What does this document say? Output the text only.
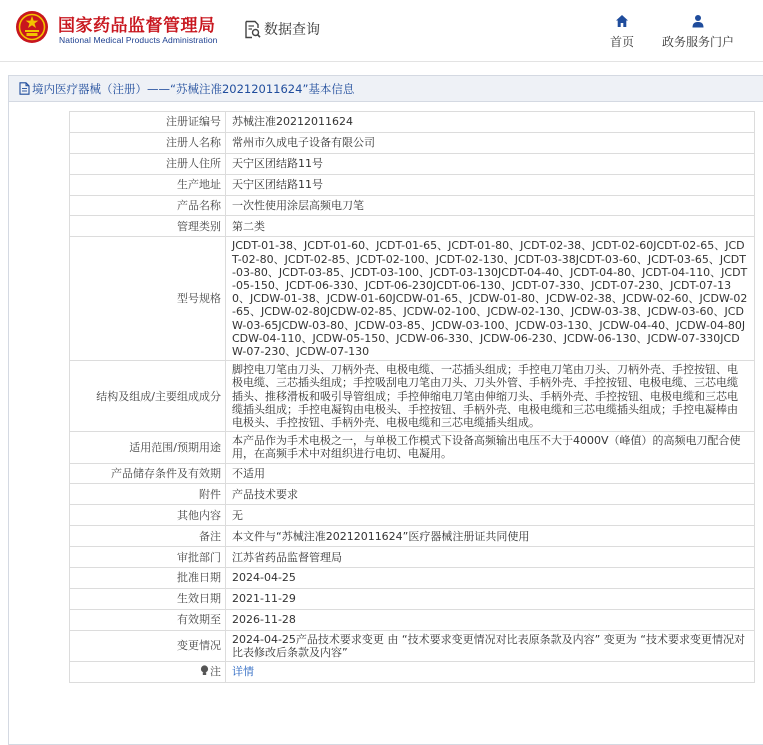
国家药品监督管理局
National Medical Products Administration
数据查询
首页 政务服务门户
境内医疗器械（注册）——“苏械注准20212011624”基本信息
注册证编号	苏械注准20212011624
注册人名称	常州市久成电子设备有限公司
注册人住所	天宁区团结路11号
生产地址	天宁区团结路11号
产品名称	一次性使用涂层高频电刀笔
管理类别	第二类
型号规格	JCDT-01-38、JCDT-01-60、JCDT-01-65、JCDT-01-80、JCDT-02-38、JCDT-02-60JCDT-02-65、JCDT-02-80、JCDT-02-85、JCDT-02-100、JCDT-02-130、JCDT-03-38JCDT-03-60、JCDT-03-65、JCDT-03-80、JCDT-03-85、JCDT-03-100、JCDT-03-130JCDT-04-40、JCDT-04-80、JCDT-04-110、JCDT-05-150、JCDT-06-330、JCDT-06-230JCDT-06-130、JCDT-07-330、JCDT-07-230、JCDT-07-130、JCDW-01-38、JCDW-01-60JCDW-01-65、JCDW-01-80、JCDW-02-38、JCDW-02-60、JCDW-02-65、JCDW-02-80JCDW-02-85、JCDW-02-100、JCDW-02-130、JCDW-03-38、JCDW-03-60、JCDW-03-65JCDW-03-80、JCDW-03-85、JCDW-03-100、JCDW-03-130、JCDW-04-40、JCDW-04-80JCDW-04-110、JCDW-05-150、JCDW-06-330、JCDW-06-230、JCDW-06-130、JCDW-07-330JCDW-07-230、JCDW-07-130
结构及组成/主要组成成分	脚控电刀笔由刀头、刀柄外壳、电极电缆、一芯插头组成；手控电刀笔由刀头、刀柄外壳、手控按钮、电极电缆、三芯插头组成；手控吸刮电刀笔由刀头、刀头外管、手柄外壳、手控按钮、电极电缆、三芯电缆插头、推移滑板和吸引导管组成；手控伸缩电刀笔由伸缩刀头、手柄外壳、手控按钮、电极电缆和三芯电缆插头组成；手控电凝钩由电极头、手控按钮、手柄外壳、电极电缆和三芯电缆插头组成；手控电凝棒由电极头、手控按钮、手柄外壳、电极电缆和三芯电缆插头组成。
适用范围/预期用途	本产品作为手术电极之一，与单极工作模式下设备高频输出电压不大于4000V（峰值）的高频电刀配合使用，在高频手术中对组织进行电切、电凝用。
产品储存条件及有效期	不适用
附件	产品技术要求
其他内容	无
备注	本文件与“苏械注准20212011624”医疗器械注册证共同使用
审批部门	江苏省药品监督管理局
批准日期	2024-04-25
生效日期	2021-11-29
有效期至	2026-11-28
变更情况	2024-04-25产品技术要求变更 由 “技术要求变更情况对比表原条款及内容” 变更为 “技术要求变更情况对比表修改后条款及内容”
注	详情
